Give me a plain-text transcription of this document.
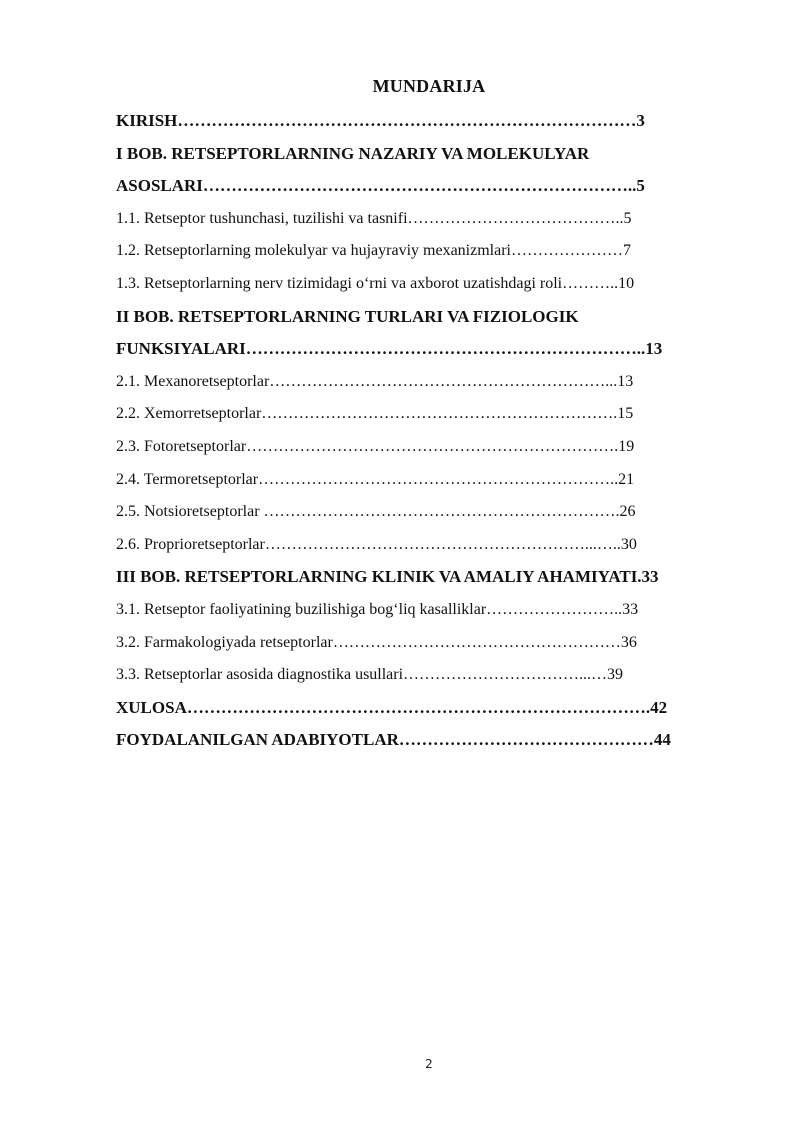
MUNDARIJA
KIRISH………………………………………………………………………3
I BOB. RETSEPTORLARNING NAZARIY VA MOLEKULYAR
ASOSLARI…………………………………………………………………..5
1.1. Retseptor tushunchasi, tuzilishi va tasnifi…………………………………..5
1.2. Retseptorlarning molekulyar va hujayraviy mexanizmlari…………………7
1.3. Retseptorlarning nerv tizimidagi o‘rni va axborot uzatishdagi roli………..10
II BOB. RETSEPTORLARNING TURLARI VA FIZIOLOGIK
FUNKSIYALARI……………………………………………………………..13
2.1. Mexanoretseptorlar………………………………………………………...13
2.2. Xemorretseptorlar………………………………………………………….15
2.3. Fotoretseptorlar…………………………………………………………….19
2.4. Termoretseptorlar…………………………………………………………..21
2.5. Notsioretseptorlar ………………………………………………………….26
2.6. Proprioretseptorlar……………………………………………………...…..30
III BOB. RETSEPTORLARNING KLINIK VA AMALIY AHAMIYATI.33
3.1. Retseptor faoliyatining buzilishiga bog‘liq kasalliklar……………………..33
3.2. Farmakologiyada retseptorlar………………………………………………36
3.3. Retseptorlar asosida diagnostika usullari……………………………...…39
XULOSA……………………………………………………………………….42
FOYDALANILGAN ADABIYOTLAR………………………………………44
2
